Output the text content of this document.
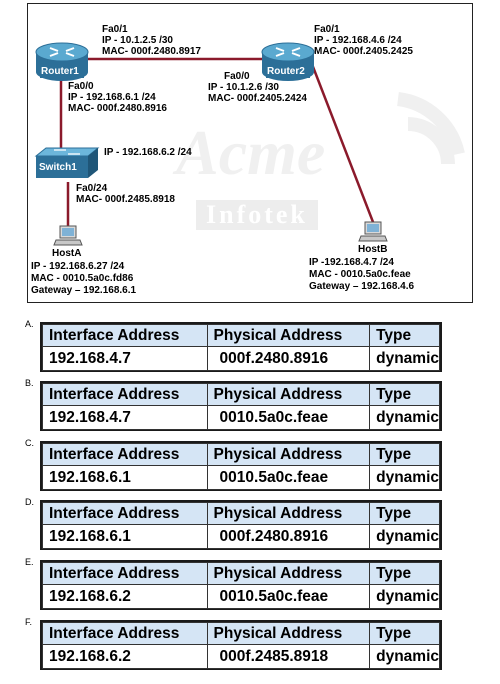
Acme
Infotek
Router1	Router2
Switch1
Fa0/1
IP - 10.1.2.5 /30
MAC- 000f.2480.8917
Fa0/0
IP - 192.168.6.1 /24
MAC- 000f.2480.8916
Fa0/1
IP - 192.168.4.6 /24
MAC- 000f.2405.2425
Fa0/0
IP - 10.1.2.6 /30
MAC- 000f.2405.2424
IP - 192.168.6.2 /24
Fa0/24
MAC- 000f.2485.8918
HostA
IP - 192.168.6.27 /24
MAC - 0010.5a0c.fd86
Gateway – 192.168.6.1
HostB
IP -192.168.4.7 /24
MAC - 0010.5a0c.feae
Gateway – 192.168.4.6
A.
Interface Address	Physical Address	Type
192.168.4.7	000f.2480.8916	dynamic
B.
Interface Address	Physical Address	Type
192.168.4.7	0010.5a0c.feae	dynamic
C.
Interface Address	Physical Address	Type
192.168.6.1	0010.5a0c.feae	dynamic
D.
Interface Address	Physical Address	Type
192.168.6.1	000f.2480.8916	dynamic
E.
Interface Address	Physical Address	Type
192.168.6.2	0010.5a0c.feae	dynamic
F.
Interface Address	Physical Address	Type
192.168.6.2	000f.2485.8918	dynamic
